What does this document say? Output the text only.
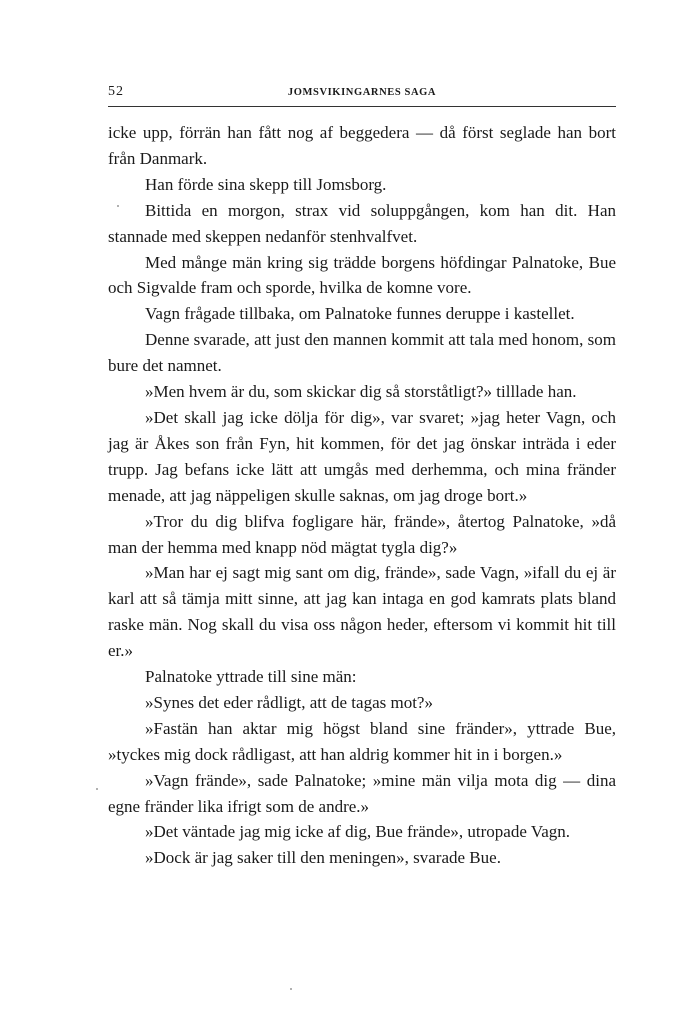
52	JOMSVIKINGARNES SAGA

icke upp, förrän han fått nog af beggedera — då först seglade han bort från Danmark.

Han förde sina skepp till Jomsborg.

Bittida en morgon, strax vid soluppgången, kom han dit. Han stannade med skeppen nedanför stenhvalfvet.

Med månge män kring sig trädde borgens höfdingar Palnatoke, Bue och Sigvalde fram och sporde, hvilka de komne vore.

Vagn frågade tillbaka, om Palnatoke funnes deruppe i kastellet.

Denne svarade, att just den mannen kommit att tala med honom, som bure det namnet.

»Men hvem är du, som skickar dig så storståtligt?» tilllade han.

»Det skall jag icke dölja för dig», var svaret; »jag heter Vagn, och jag är Åkes son från Fyn, hit kommen, för det jag önskar inträda i eder trupp. Jag befans icke lätt att umgås med derhemma, och mina fränder menade, att jag näppeligen skulle saknas, om jag droge bort.»

»Tror du dig blifva fogligare här, frände», återtog Palnatoke, »då man der hemma med knapp nöd mägtat tygla dig?»

»Man har ej sagt mig sant om dig, frände», sade Vagn, »ifall du ej är karl att så tämja mitt sinne, att jag kan intaga en god kamrats plats bland raske män. Nog skall du visa oss någon heder, eftersom vi kommit hit till er.»

Palnatoke yttrade till sine män:

»Synes det eder rådligt, att de tagas mot?»

»Fastän han aktar mig högst bland sine fränder», yttrade Bue, »tyckes mig dock rådligast, att han aldrig kommer hit in i borgen.»

»Vagn frände», sade Palnatoke; »mine män vilja mota dig — dina egne fränder lika ifrigt som de andre.»

»Det väntade jag mig icke af dig, Bue frände», utropade Vagn.

»Dock är jag saker till den meningen», svarade Bue.
